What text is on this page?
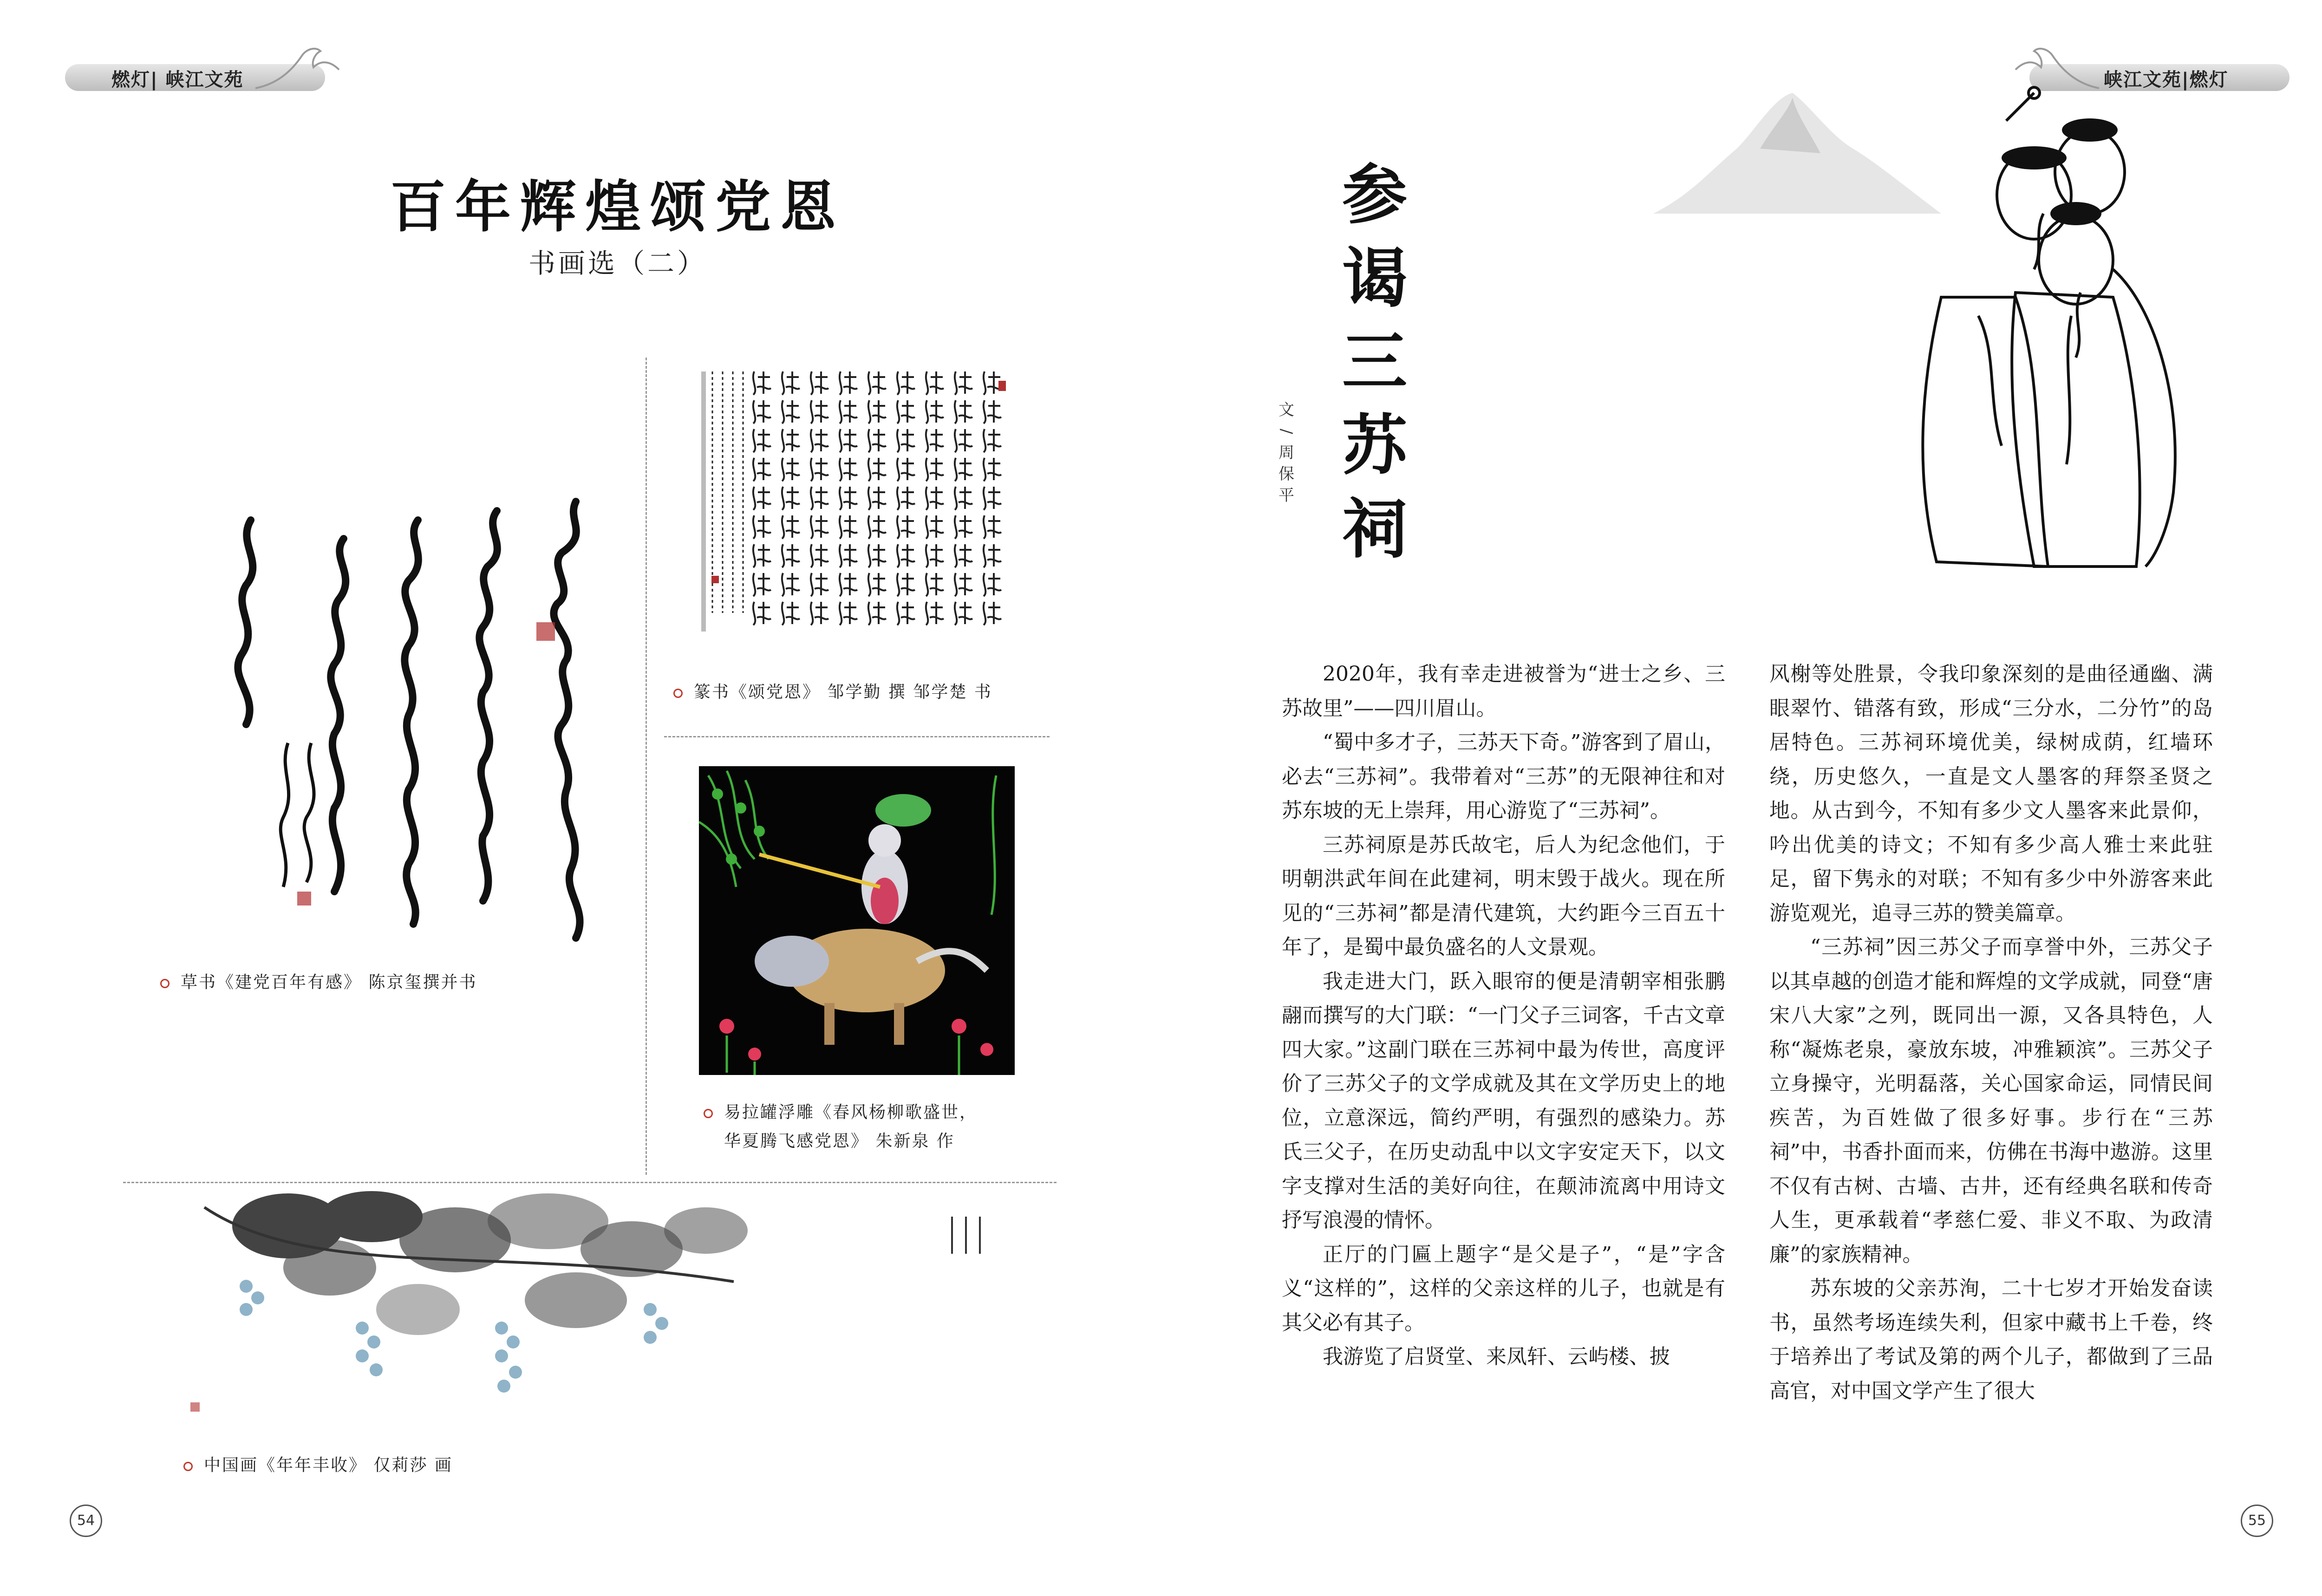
燃灯| 峡江文苑	峡江文苑|燃灯
百年辉煌颂党恩
书画选（二）
草书《建党百年有感》 陈京玺撰并书
篆书《颂党恩》 邹学勤 撰 邹学楚 书
易拉罐浮雕《春风杨柳歌盛世，
华夏腾飞感党恩》 朱新泉 作
中国画《年年丰收》 仅莉莎 画
54
参
谒
三
苏
祠
文
/
周
保
平

2020年，我有幸走进被誉为“进士之乡、三苏故里”——四川眉山。

“蜀中多才子，三苏天下奇。”游客到了眉山，必去“三苏祠”。我带着对“三苏”的无限神往和对苏东坡的无上崇拜，用心游览了“三苏祠”。

三苏祠原是苏氏故宅，后人为纪念他们，于明朝洪武年间在此建祠，明末毁于战火。现在所见的“三苏祠”都是清代建筑，大约距今三百五十年了，是蜀中最负盛名的人文景观。

我走进大门，跃入眼帘的便是清朝宰相张鹏翮而撰写的大门联：“一门父子三词客，千古文章四大家。”这副门联在三苏祠中最为传世，高度评价了三苏父子的文学成就及其在文学历史上的地位，立意深远，简约严明，有强烈的感染力。苏氏三父子，在历史动乱中以文字安定天下，以文字支撑对生活的美好向往，在颠沛流离中用诗文抒写浪漫的情怀。

正厅的门匾上题字“是父是子”，“是”字含义“这样的”，这样的父亲这样的儿子，也就是有其父必有其子。

我游览了启贤堂、来凤轩、云屿楼、披

风榭等处胜景，令我印象深刻的是曲径通幽、满眼翠竹、错落有致，形成“三分水，二分竹”的岛居特色。三苏祠环境优美，绿树成荫，红墙环绕，历史悠久，一直是文人墨客的拜祭圣贤之地。从古到今，不知有多少文人墨客来此景仰，吟出优美的诗文；不知有多少高人雅士来此驻足，留下隽永的对联；不知有多少中外游客来此游览观光，追寻三苏的赞美篇章。

“三苏祠”因三苏父子而享誉中外，三苏父子以其卓越的创造才能和辉煌的文学成就，同登“唐宋八大家”之列，既同出一源，又各具特色，人称“凝炼老泉，豪放东坡，冲雅颖滨”。三苏父子立身操守，光明磊落，关心国家命运，同情民间疾苦，为百姓做了很多好事。步行在“三苏祠”中，书香扑面而来，仿佛在书海中遨游。这里不仅有古树、古墙、古井，还有经典名联和传奇人生，更承载着“孝慈仁爱、非义不取、为政清廉”的家族精神。

苏东坡的父亲苏洵，二十七岁才开始发奋读书，虽然考场连续失利，但家中藏书上千卷，终于培养出了考试及第的两个儿子，都做到了三品高官，对中国文学产生了很大

55
